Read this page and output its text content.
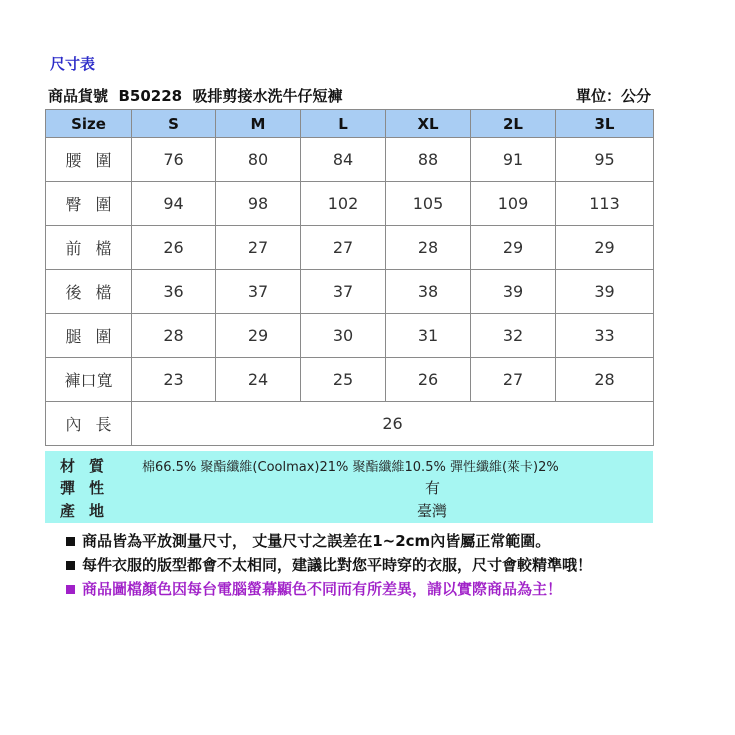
尺寸表
商品貨號 B50228 吸排剪接水洗牛仔短褲	單位：公分
Size	S	M	L	XL	2L	3L
腰圍	76	80	84	88	91	95
臀圍	94	98	102	105	109	113
前檔	26	27	27	28	29	29
後檔	36	37	37	38	39	39
腿圍	28	29	30	31	32	33
褲口寬	23	24	25	26	27	28
內長	26					
材質 棉66.5% 聚酯纖維(Coolmax)21% 聚酯纖維10.5% 彈性纖維(萊卡)2%
彈性	有
產地	臺灣
商品皆為平放測量尺寸， 丈量尺寸之誤差在1~2cm內皆屬正常範圍。
每件衣服的版型都會不太相同，建議比對您平時穿的衣服，尺寸會較精準哦！
商品圖檔顏色因每台電腦螢幕顯色不同而有所差異，請以實際商品為主！
